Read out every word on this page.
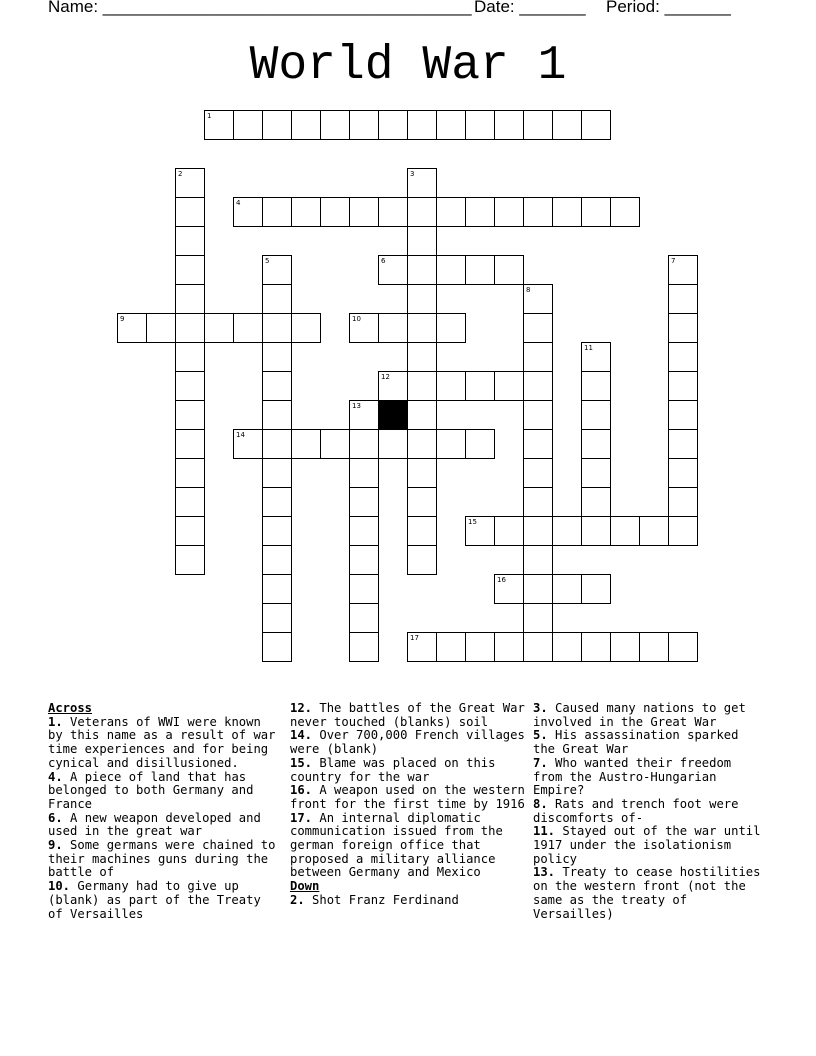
Name: _______________________________________ Date: _______ Period: _______
World War 1
1
4
6
9	10
12
14
15
16
17
2	3
5	7
8
11
13

Across

1. Veterans of WWI were known by this name as a result of war time experiences and for being cynical and disillusioned.

4. A piece of land that has belonged to both Germany and France

6. A new weapon developed and used in the great war

9. Some germans were chained to their machines guns during the battle of

10. Germany had to give up (blank) as part of the Treaty of Versailles

12. The battles of the Great War never touched (blanks) soil

14. Over 700,000 French villages were (blank)

15. Blame was placed on this country for the war

16. A weapon used on the western front for the first time by 1916

17. An internal diplomatic communication issued from the german foreign office that proposed a military alliance between Germany and Mexico

Down

2. Shot Franz Ferdinand

3. Caused many nations to get involved in the Great War

5. His assassination sparked the Great War

7. Who wanted their freedom from the Austro-Hungarian Empire?

8. Rats and trench foot were discomforts of-

11. Stayed out of the war until 1917 under the isolationism policy

13. Treaty to cease hostilities on the western front (not the same as the treaty of Versailles)
